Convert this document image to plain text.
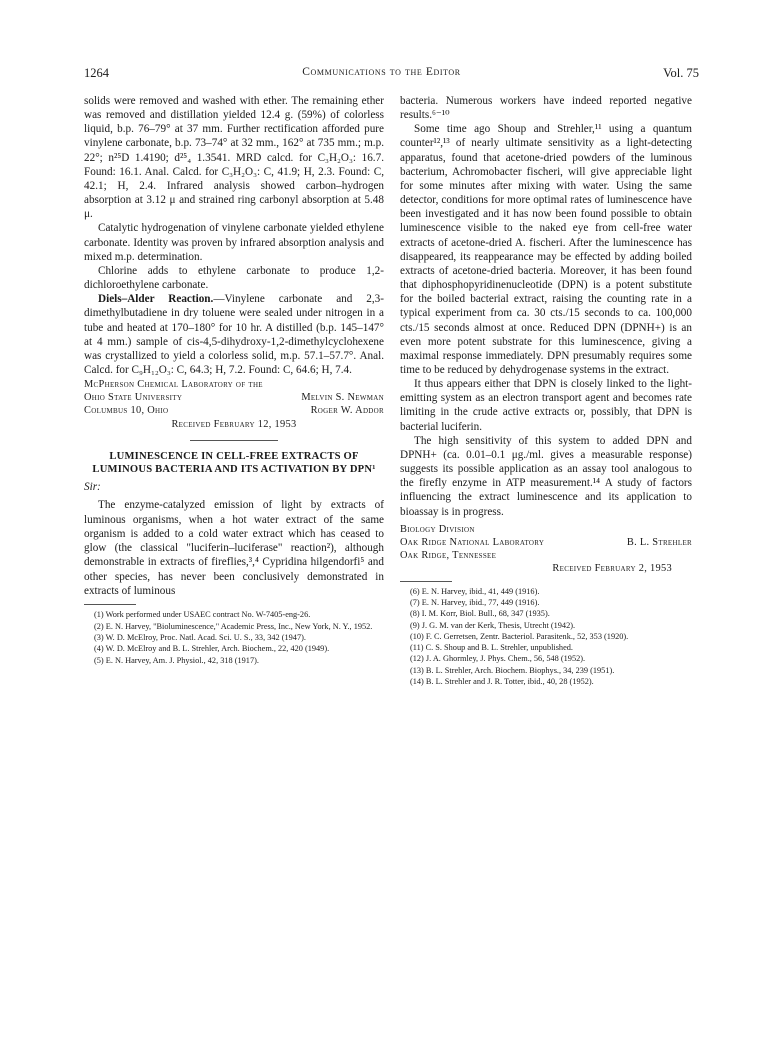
1264	Communications to the Editor	Vol. 75

solids were removed and washed with ether. The remaining ether was removed and distillation yielded 12.4 g. (59%) of colorless liquid, b.p. 76–79° at 37 mm. Further rectification afforded pure vinylene carbonate, b.p. 73–74° at 32 mm., 162° at 735 mm.; m.p. 22°; n²⁵D 1.4190; d²⁵₄ 1.3541. MRD calcd. for C₃H₂O₃: 16.7. Found: 16.1. Anal. Calcd. for C₃H₂O₃: C, 41.9; H, 2.3. Found: C, 42.1; H, 2.4. Infrared analysis showed carbon–hydrogen absorption at 3.12 μ and strained ring carbonyl absorption at 5.48 μ.

Catalytic hydrogenation of vinylene carbonate yielded ethylene carbonate. Identity was proven by infrared absorption analysis and mixed m.p. determination.

Chlorine adds to ethylene carbonate to produce 1,2-dichloroethylene carbonate.

Diels–Alder Reaction.—Vinylene carbonate and 2,3-dimethylbutadiene in dry toluene were sealed under nitrogen in a tube and heated at 170–180° for 10 hr. A distilled (b.p. 145–147° at 4 mm.) sample of cis-4,5-dihydroxy-1,2-dimethylcyclohexene was crystallized to yield a colorless solid, m.p. 57.1–57.7°. Anal. Calcd. for C₉H₁₂O₃: C, 64.3; H, 7.2. Found: C, 64.6; H, 7.4.

McPherson Chemical Laboratory of the
Ohio State University	Melvin S. Newman
Columbus 10, Ohio	Roger W. Addor
Received February 12, 1953
LUMINESCENCE IN CELL-FREE EXTRACTS OF LUMINOUS BACTERIA AND ITS ACTIVATION BY DPN¹
Sir:

The enzyme-catalyzed emission of light by extracts of luminous organisms, when a hot water extract of the same organism is added to a cold water extract which has ceased to glow (the classical "luciferin–luciferase" reaction²), although demonstrable in extracts of fireflies,³,⁴ Cypridina hilgendorfi⁵ and other species, has never been conclusively demonstrated in extracts of luminous

(1) Work performed under USAEC contract No. W-7405-eng-26.

(2) E. N. Harvey, "Bioluminescence," Academic Press, Inc., New York, N. Y., 1952.

(3) W. D. McElroy, Proc. Natl. Acad. Sci. U. S., 33, 342 (1947).

(4) W. D. McElroy and B. L. Strehler, Arch. Biochem., 22, 420 (1949).

(5) E. N. Harvey, Am. J. Physiol., 42, 318 (1917).

bacteria. Numerous workers have indeed reported negative results.⁶⁻¹⁰

Some time ago Shoup and Strehler,¹¹ using a quantum counter¹²,¹³ of nearly ultimate sensitivity as a light-detecting apparatus, found that acetone-dried powders of the luminous bacterium, Achromobacter fischeri, will give appreciable light for some minutes after mixing with water. Using the same detector, conditions for more optimal rates of luminescence have been investigated and it has now been found possible to obtain luminescence visible to the naked eye from cell-free water extracts of acetone-dried A. fischeri. After the luminescence has disappeared, its reappearance may be effected by adding boiled extracts of acetone-dried bacteria. Moreover, it has been found that diphosphopyridinenucleotide (DPN) is a potent substitute for the boiled bacterial extract, raising the counting rate in a typical experiment from ca. 30 cts./15 seconds to ca. 100,000 cts./15 seconds almost at once. Reduced DPN (DPNH+) is an even more potent substrate for this luminescence, giving a maximal response immediately. DPN presumably requires some time to be reduced by dehydrogenase systems in the extract.

It thus appears either that DPN is closely linked to the light-emitting system as an electron transport agent and becomes rate limiting in the crude active extracts or, possibly, that DPN is bacterial luciferin.

The high sensitivity of this system to added DPN and DPNH+ (ca. 0.01–0.1 μg./ml. gives a measurable response) suggests its possible application as an assay tool analogous to the firefly enzyme in ATP measurement.¹⁴ A study of factors influencing the extract luminescence and its application to bioassay is in progress.

Biology Division
Oak Ridge National Laboratory	B. L. Strehler
Oak Ridge, Tennessee
Received February 2, 1953

(6) E. N. Harvey, ibid., 41, 449 (1916).

(7) E. N. Harvey, ibid., 77, 449 (1916).

(8) I. M. Korr, Biol. Bull., 68, 347 (1935).

(9) J. G. M. van der Kerk, Thesis, Utrecht (1942).

(10) F. C. Gerretsen, Zentr. Bacteriol. Parasitenk., 52, 353 (1920).

(11) C. S. Shoup and B. L. Strehler, unpublished.

(12) J. A. Ghormley, J. Phys. Chem., 56, 548 (1952).

(13) B. L. Strehler, Arch. Biochem. Biophys., 34, 239 (1951).

(14) B. L. Strehler and J. R. Totter, ibid., 40, 28 (1952).
